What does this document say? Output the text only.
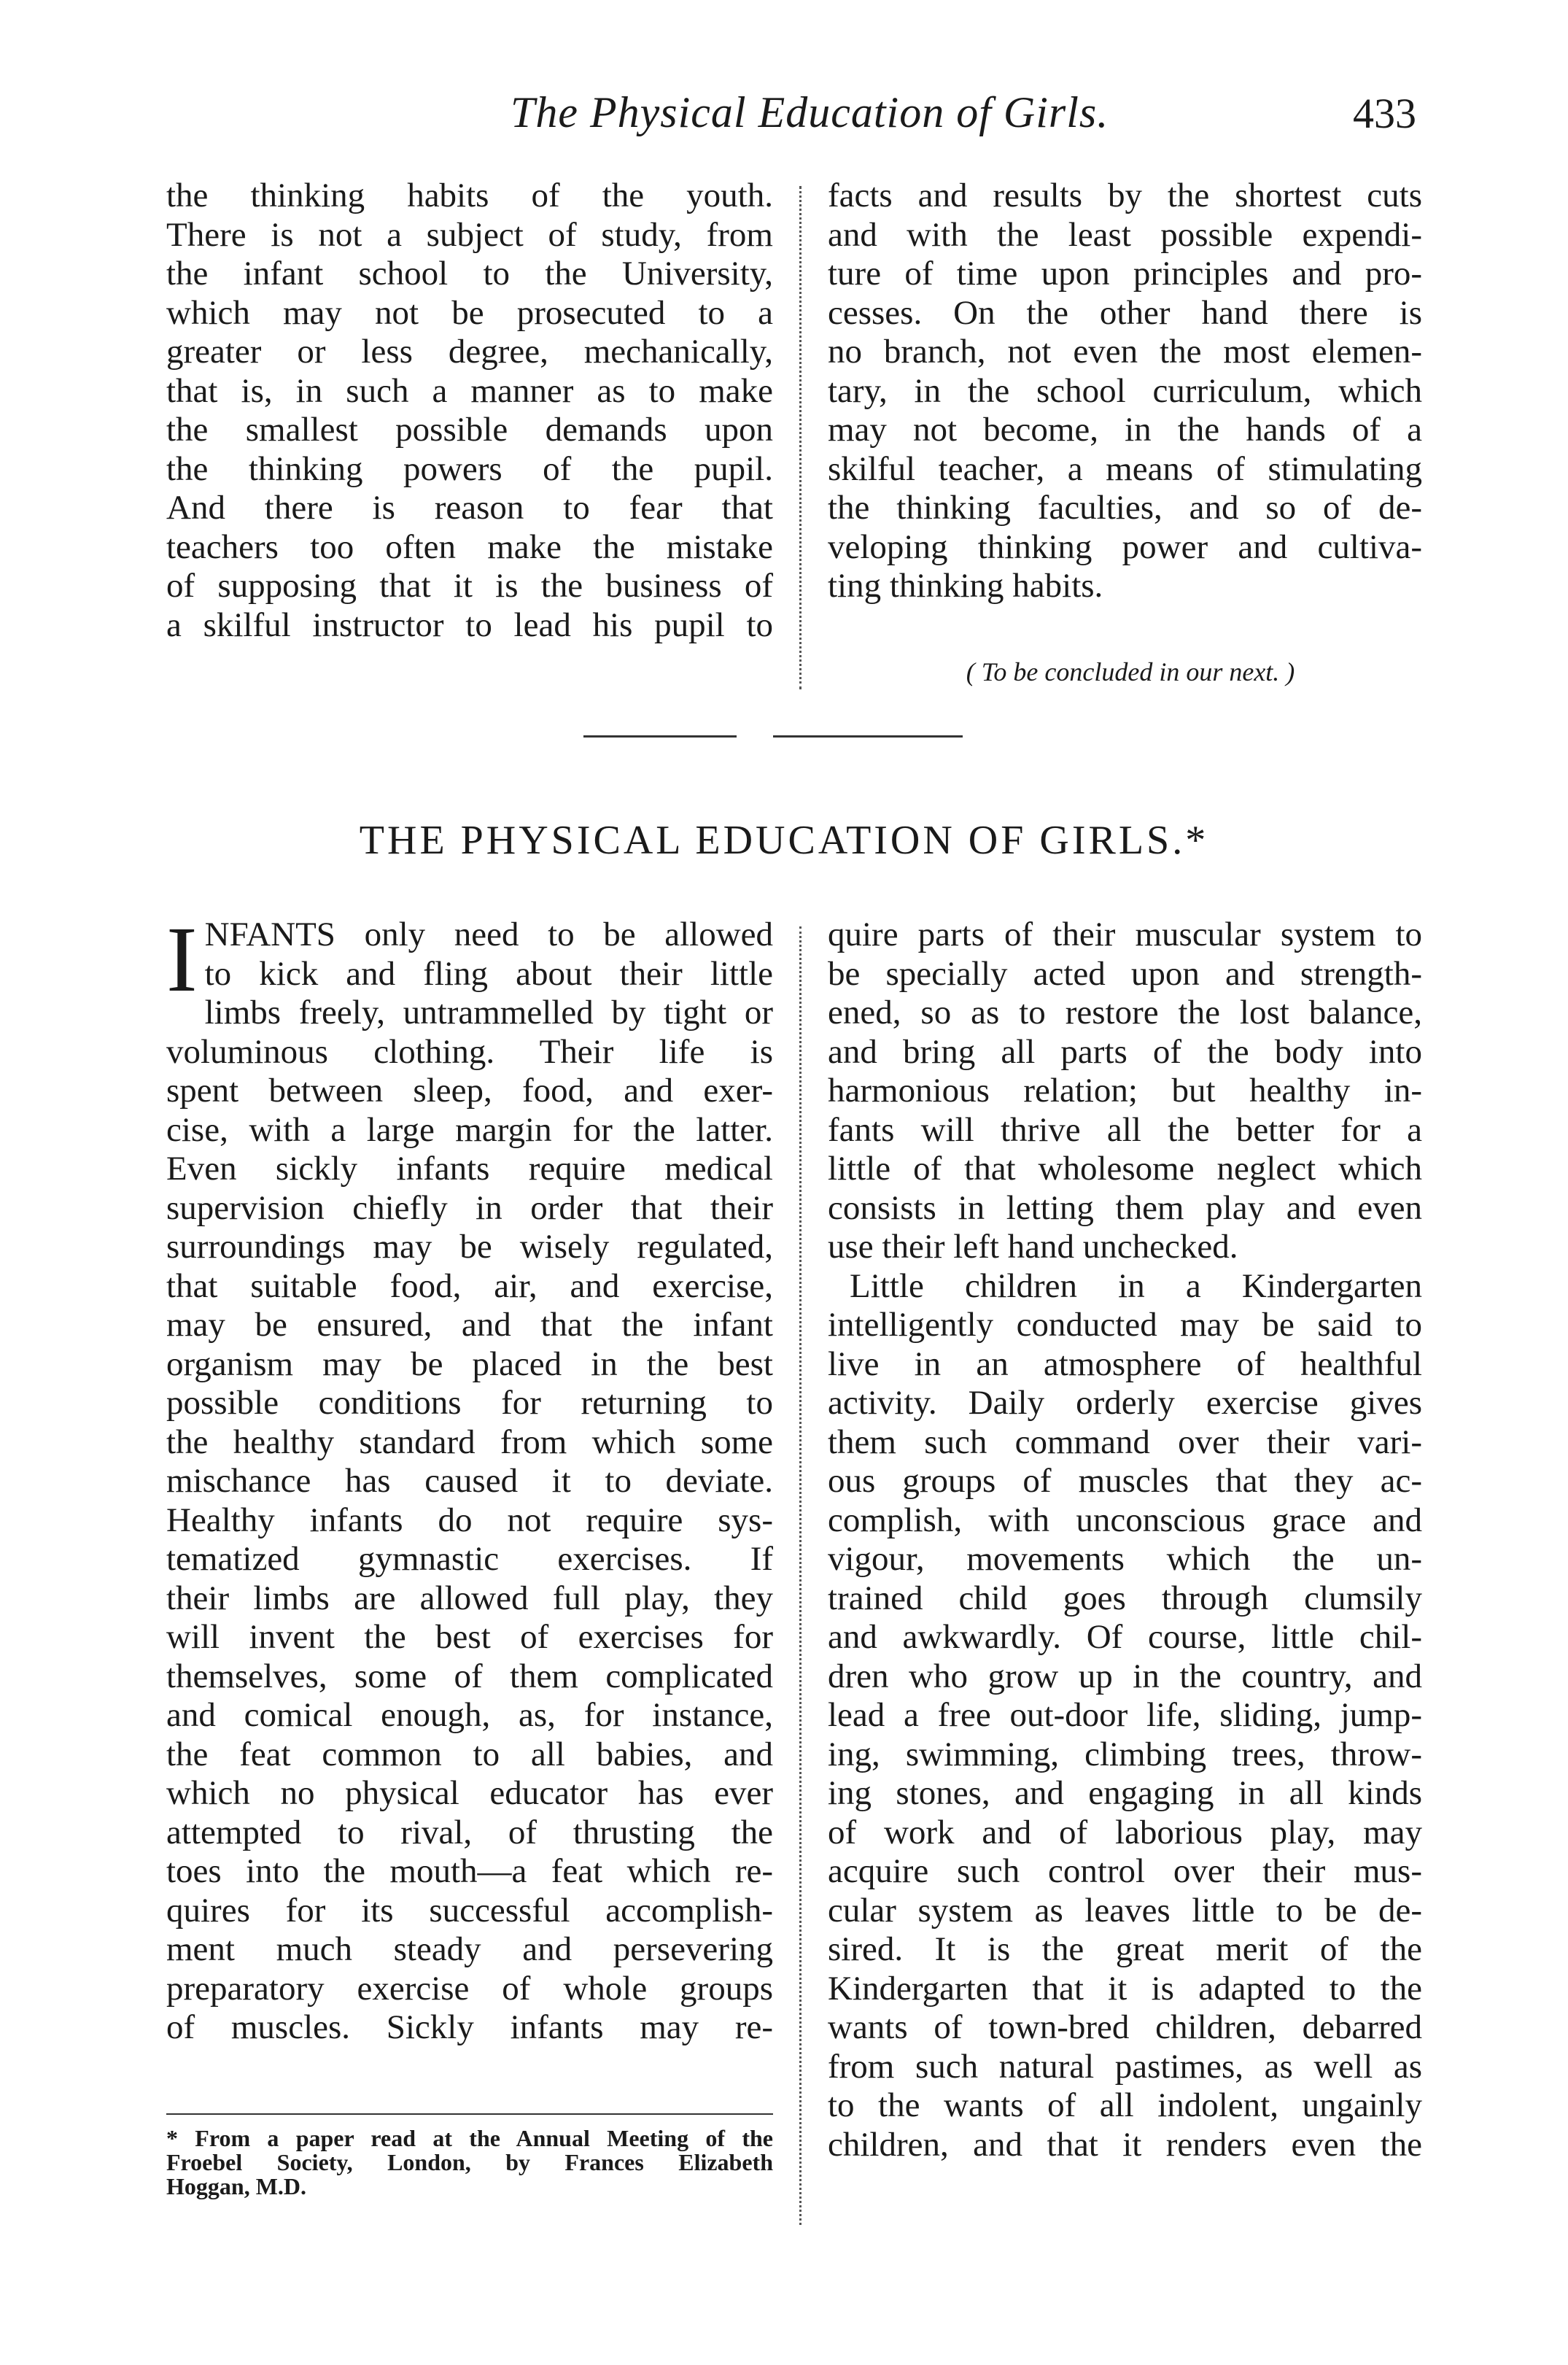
The Physical Education of Girls.	433
the thinking habits of the youth.
There is not a subject of study, from
the infant school to the University,
which may not be prosecuted to a
greater or less degree, mechanically,
that is, in such a manner as to make
the smallest possible demands upon
the thinking powers of the pupil.
And there is reason to fear that
teachers too often make the mistake
of supposing that it is the business of
a skilful instructor to lead his pupil to
facts and results by the shortest cuts
and with the least possible expendi-
ture of time upon principles and pro-
cesses. On the other hand there is
no branch, not even the most elemen-
tary, in the school curriculum, which
may not become, in the hands of a
skilful teacher, a means of stimulating
the thinking faculties, and so of de-
veloping thinking power and cultiva-
ting thinking habits.
( To be concluded in our next. )
THE PHYSICAL EDUCATION OF GIRLS.*
I NFANTS only need to be allowed
to kick and fling about their little
limbs freely, untrammelled by tight or
voluminous clothing. Their life is
spent between sleep, food, and exer-
cise, with a large margin for the latter.
Even sickly infants require medical
supervision chiefly in order that their
surroundings may be wisely regulated,
that suitable food, air, and exercise,
may be ensured, and that the infant
organism may be placed in the best
possible conditions for returning to
the healthy standard from which some
mischance has caused it to deviate.
Healthy infants do not require sys-
tematized gymnastic exercises. If
their limbs are allowed full play, they
will invent the best of exercises for
themselves, some of them complicated
and comical enough, as, for instance,
the feat common to all babies, and
which no physical educator has ever
attempted to rival, of thrusting the
toes into the mouth—a feat which re-
quires for its successful accomplish-
ment much steady and persevering
preparatory exercise of whole groups
of muscles. Sickly infants may re-
quire parts of their muscular system to
be specially acted upon and strength-
ened, so as to restore the lost balance,
and bring all parts of the body into
harmonious relation; but healthy in-
fants will thrive all the better for a
little of that wholesome neglect which
consists in letting them play and even
use their left hand unchecked.
Little children in a Kindergarten
intelligently conducted may be said to
live in an atmosphere of healthful
activity. Daily orderly exercise gives
them such command over their vari-
ous groups of muscles that they ac-
complish, with unconscious grace and
vigour, movements which the un-
trained child goes through clumsily
and awkwardly. Of course, little chil-
dren who grow up in the country, and
lead a free out-door life, sliding, jump-
ing, swimming, climbing trees, throw-
ing stones, and engaging in all kinds
of work and of laborious play, may
acquire such control over their mus-
cular system as leaves little to be de-
sired. It is the great merit of the
Kindergarten that it is adapted to the
wants of town-bred children, debarred
from such natural pastimes, as well as
to the wants of all indolent, ungainly
children, and that it renders even the
* From a paper read at the Annual Meeting of the
Froebel Society, London, by Frances Elizabeth
Hoggan, M.D.
